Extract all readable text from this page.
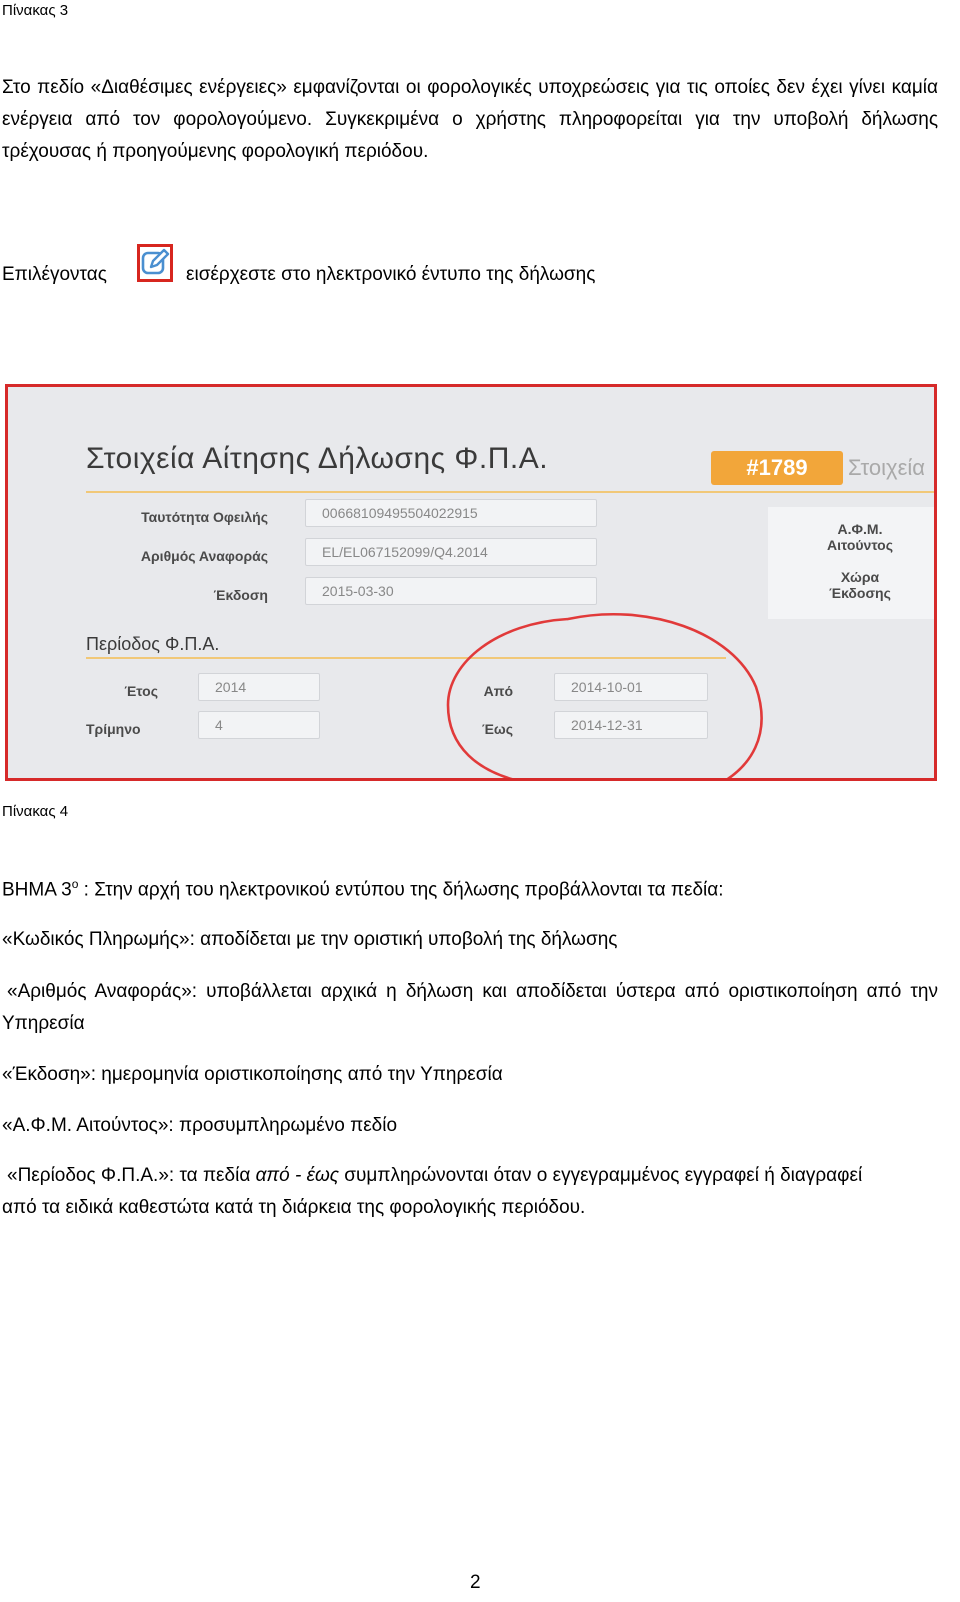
Πίνακας 3
Στο πεδίο «Διαθέσιμες ενέργειες» εμφανίζονται οι φορολογικές υποχρεώσεις για τις οποίες δεν έχει γίνει καμία ενέργεια από τον φορολογούμενο. Συγκεκριμένα ο χρήστης πληροφορείται για την υποβολή δήλωσης τρέχουσας ή προηγούμενης φορολογική περιόδου.
Επιλέγοντας	εισέρχεστε στο ηλεκτρονικό έντυπο της δήλωσης
Στοιχεία Αίτησης Δήλωσης Φ.Π.Α.	#1789	Στοιχεία
Ταυτότητα Οφειλής	00668109495504022915
Αριθμός Αναφοράς	EL/EL067152099/Q4.2014
Έκδοση	2015-03-30
Α.Φ.Μ.
Αιτούντος
Χώρα
Έκδοσης
Περίοδος Φ.Π.Α.
Έτος	2014
Τρίμηνο	4
Από	2014-10-01
Έως	2014-12-31
Πίνακας 4
ΒΗΜΑ $3^o$ : Στην αρχή του ηλεκτρονικού εντύπου της δήλωσης προβάλλονται τα πεδία:
«Κωδικός Πληρωμής»: αποδίδεται με την οριστική υποβολή της δήλωσης
«Αριθμός Αναφοράς»: υποβάλλεται αρχικά η δήλωση και αποδίδεται ύστερα από οριστικοποίηση από την Υπηρεσία
«Έκδοση»: ημερομηνία οριστικοποίησης από την Υπηρεσία
«Α.Φ.Μ. Αιτούντος»: προσυμπληρωμένο πεδίο
«Περίοδος Φ.Π.Α.»: τα πεδία από - έως συμπληρώνονται όταν ο εγγεγραμμένος εγγραφεί ή διαγραφεί από τα ειδικά καθεστώτα κατά τη διάρκεια της φορολογικής περιόδου.
2
